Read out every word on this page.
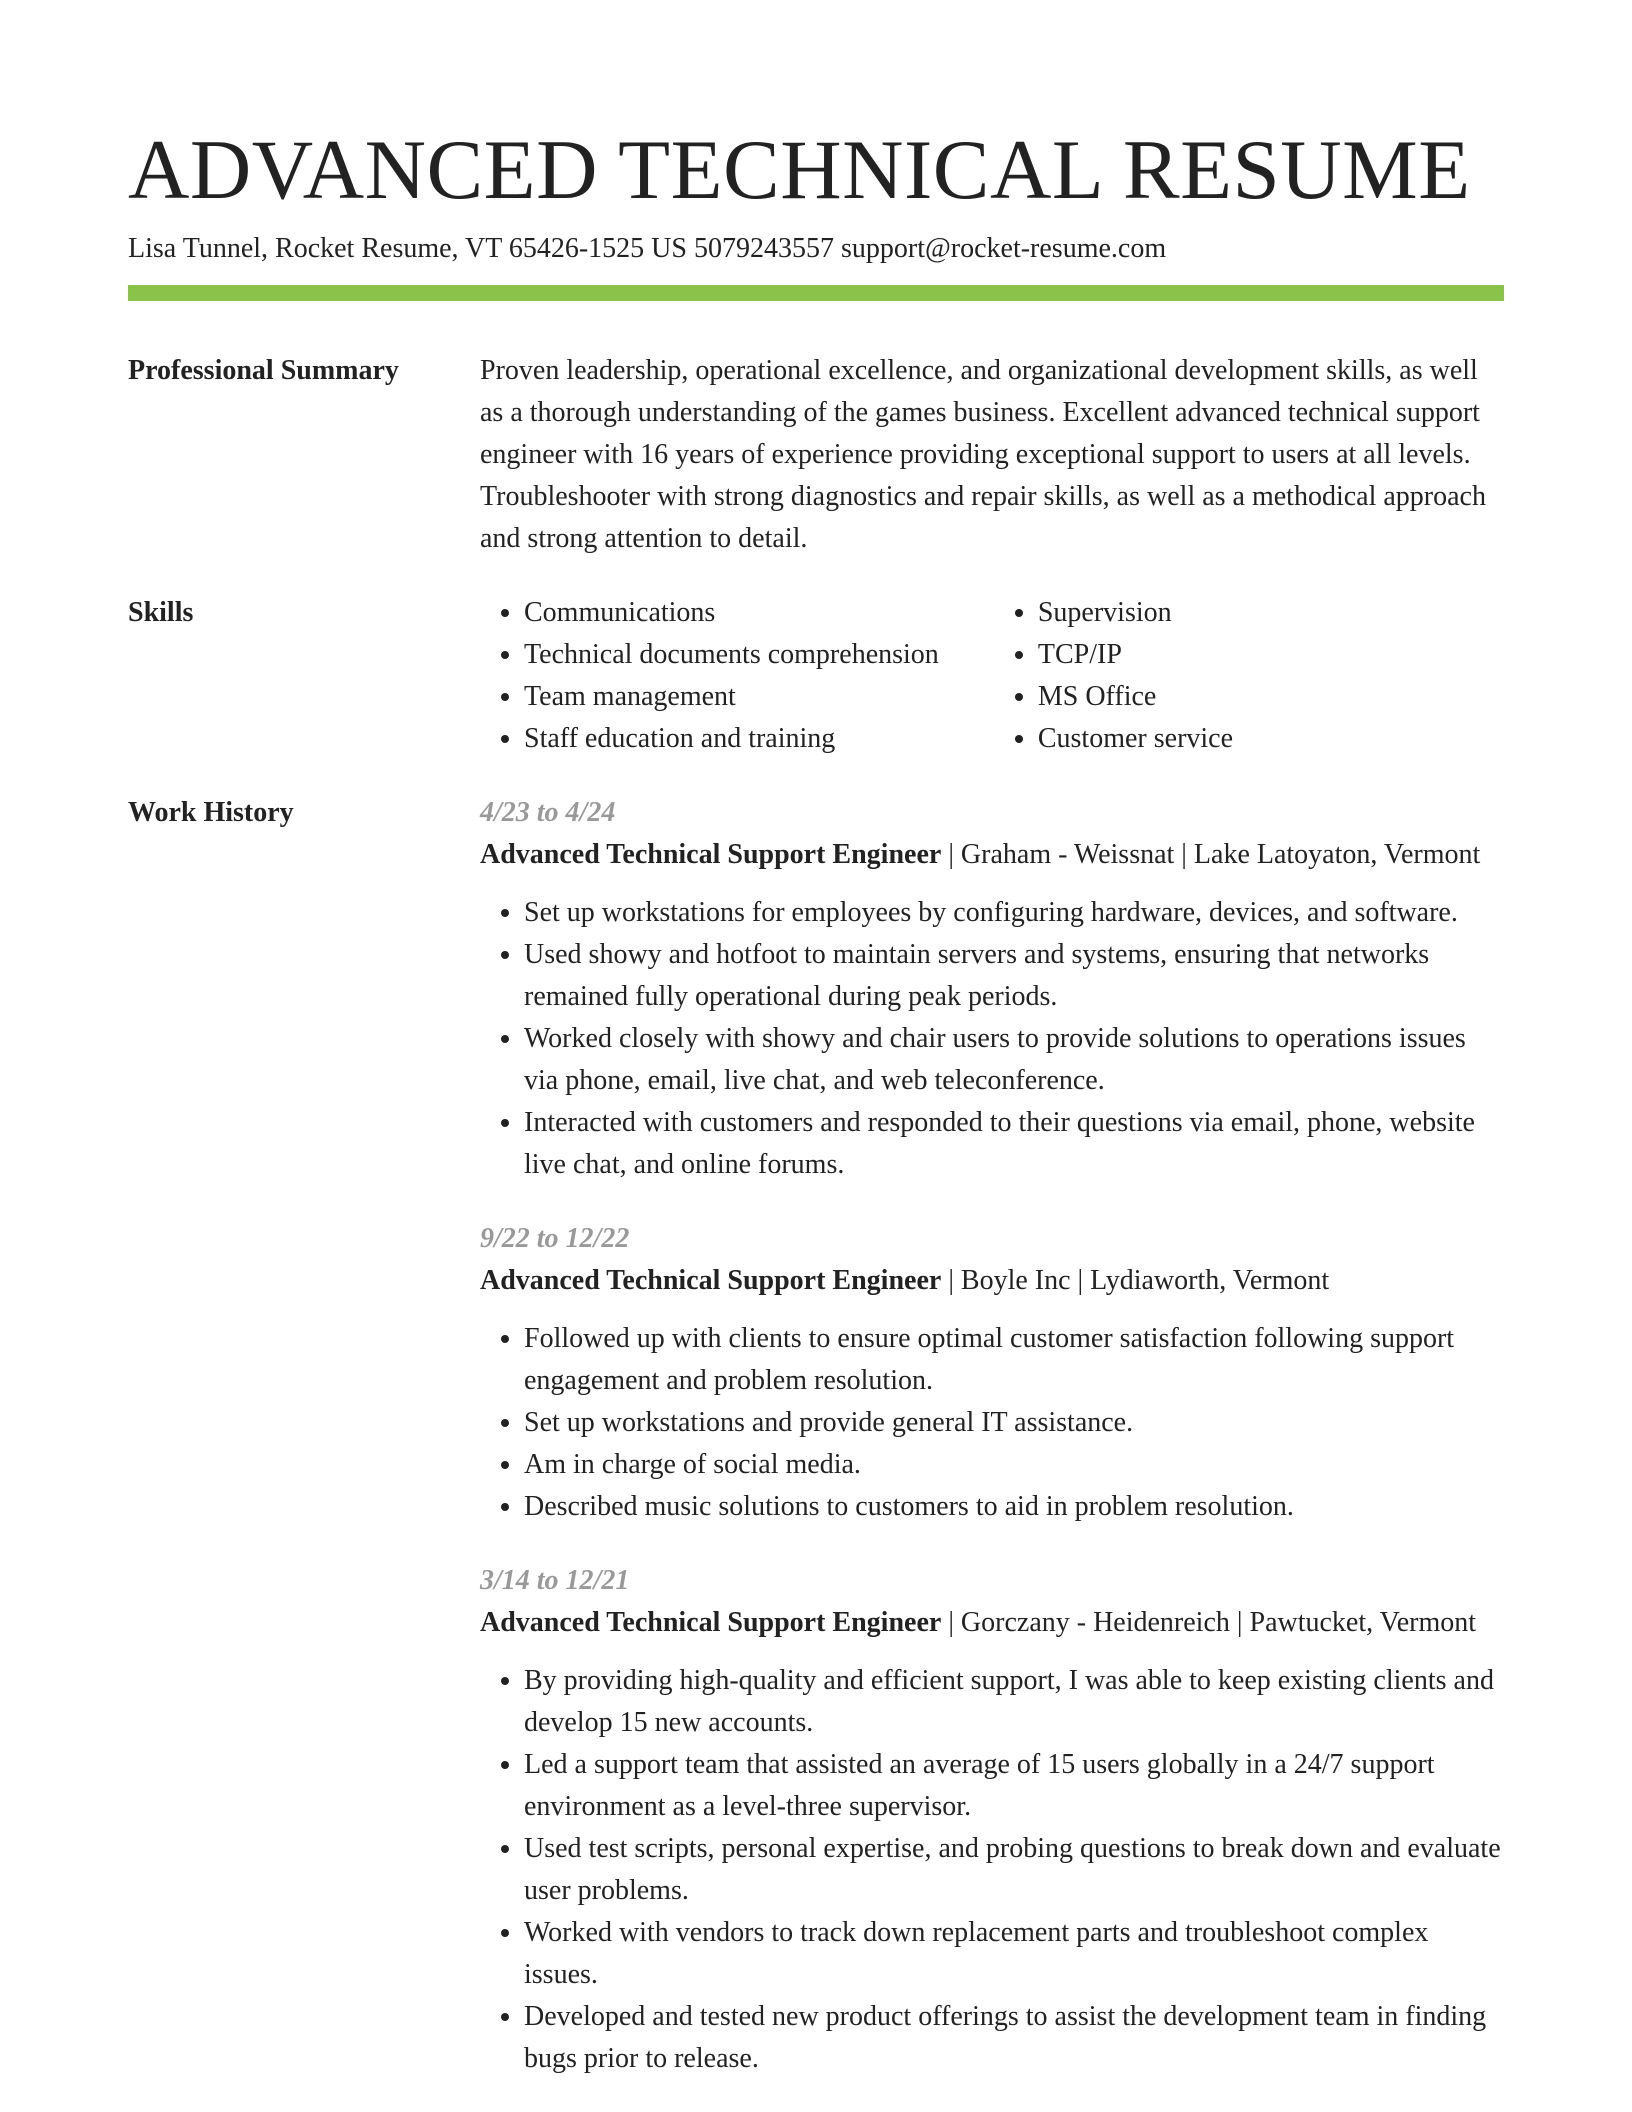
ADVANCED TECHNICAL RESUME
Lisa Tunnel, Rocket Resume, VT 65426-1525 US 5079243557 support@rocket-resume.com
Professional Summary	Proven leadership, operational excellence, and organizational development skills, as well as a thorough understanding of the games business. Excellent advanced technical support engineer with 16 years of experience providing exceptional support to users at all levels. Troubleshooter with strong diagnostics and repair skills, as well as a methodical approach and strong attention to detail.
Skills
•	Communications
• Technical documents comprehension
• Team management
• Staff education and training
• Supervision
• TCP/IP
• MS Office
• Customer service
Work History	4/23 to 4/24
Advanced Technical Support Engineer | Graham - Weissnat | Lake Latoyaton, Vermont
• Set up workstations for employees by configuring hardware, devices, and software.
• Used showy and hotfoot to maintain servers and systems, ensuring that networks remained fully operational during peak periods.
• Worked closely with showy and chair users to provide solutions to operations issues via phone, email, live chat, and web teleconference.
• Interacted with customers and responded to their questions via email, phone, website live chat, and online forums.
9/22 to 12/22
Advanced Technical Support Engineer | Boyle Inc | Lydiaworth, Vermont
• Followed up with clients to ensure optimal customer satisfaction following support engagement and problem resolution.
• Set up workstations and provide general IT assistance.
• Am in charge of social media.
• Described music solutions to customers to aid in problem resolution.
3/14 to 12/21
Advanced Technical Support Engineer | Gorczany - Heidenreich | Pawtucket, Vermont
• By providing high-quality and efficient support, I was able to keep existing clients and develop 15 new accounts.
• Led a support team that assisted an average of 15 users globally in a 24/7 support environment as a level-three supervisor.
• Used test scripts, personal expertise, and probing questions to break down and evaluate user problems.
• Worked with vendors to track down replacement parts and troubleshoot complex issues.
• Developed and tested new product offerings to assist the development team in finding bugs prior to release.
